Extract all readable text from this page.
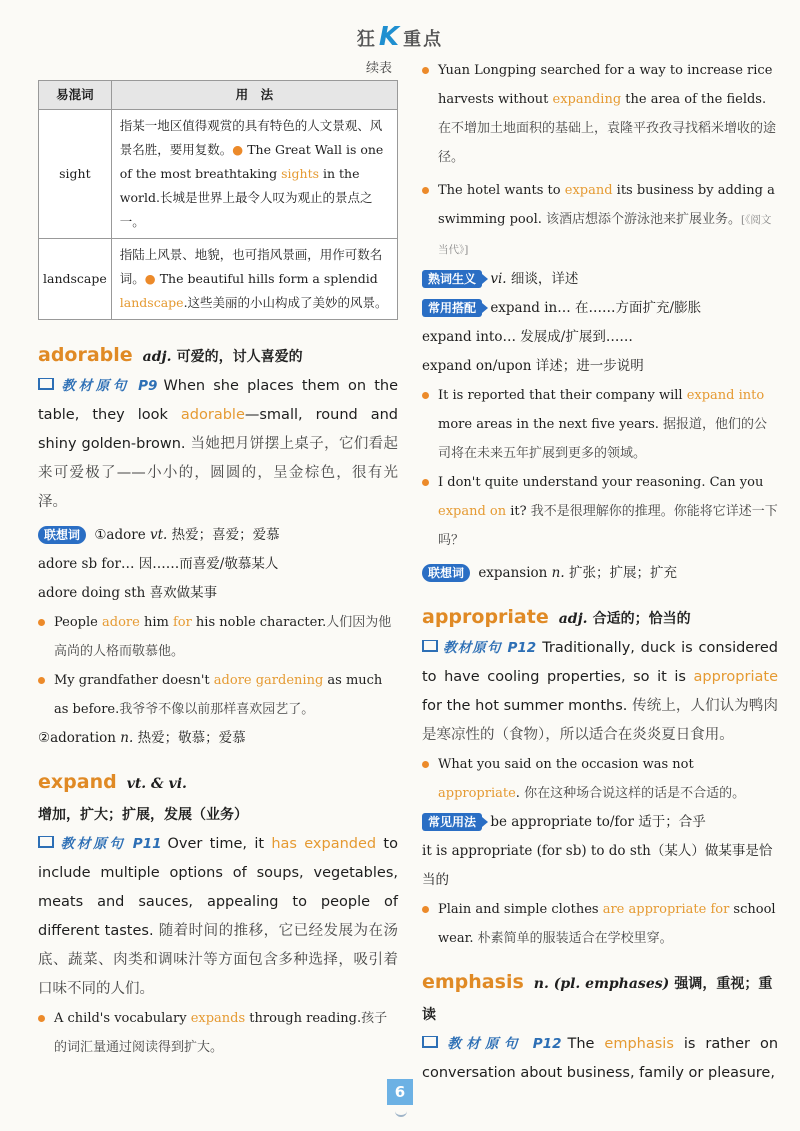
狂K 重点
续表
易混词	用　法
sight	指某一地区值得观赏的具有特色的人文景观、风景名胜，要用复数。● The Great Wall is one of the most breathtaking sights in the world.长城是世界上最令人叹为观止的景点之一。
landscape	指陆上风景、地貌，也可指风景画，用作可数名词。● The beautiful hills form a splendid landscape.这些美丽的小山构成了美妙的风景。
adorable adj. 可爱的，讨人喜爱的

教材原句 P9 When she places them on the table, they look adorable—small, round and shiny golden-brown. 当她把月饼摆上桌子，它们看起来可爱极了——小小的，圆圆的，呈金棕色，很有光泽。

联想词 ①adore vt. 热爱；喜爱；爱慕

adore sb for… 因……而喜爱/敬慕某人

adore doing sth 喜欢做某事

People adore him for his noble character.人们因为他高尚的人格而敬慕他。

My grandfather doesn't adore gardening as much as before.我爷爷不像以前那样喜欢园艺了。

②adoration n. 热爱；敬慕；爱慕

expand vt. & vi. 增加，扩大；扩展，发展（业务）

教材原句 P11 Over time, it has expanded to include multiple options of soups, vegetables, meats and sauces, appealing to people of different tastes. 随着时间的推移，它已经发展为在汤底、蔬菜、肉类和调味汁等方面包含多种选择，吸引着口味不同的人们。

A child's vocabulary expands through reading.孩子的词汇量通过阅读得到扩大。

Yuan Longping searched for a way to increase rice harvests without expanding the area of the fields. 在不增加土地面积的基础上，袁隆平孜孜寻找稻米增收的途径。

The hotel wants to expand its business by adding a swimming pool. 该酒店想添个游泳池来扩展业务。[《阅文当代》]

熟词生义 vi. 细谈，详述

常用搭配 expand in… 在……方面扩充/膨胀

expand into… 发展成/扩展到……

expand on/upon 详述；进一步说明

It is reported that their company will expand into more areas in the next five years. 据报道，他们的公司将在未来五年扩展到更多的领域。

I don't quite understand your reasoning. Can you expand on it? 我不是很理解你的推理。你能将它详述一下吗？

联想词 expansion n. 扩张；扩展；扩充

appropriate adj. 合适的；恰当的

教材原句 P12 Traditionally, duck is considered to have cooling properties, so it is appropriate for the hot summer months. 传统上，人们认为鸭肉是寒凉性的（食物），所以适合在炎炎夏日食用。

What you said on the occasion was not appropriate. 你在这种场合说这样的话是不合适的。

常见用法 be appropriate to/for 适于；合乎

it is appropriate (for sb) to do sth（某人）做某事是恰当的

Plain and simple clothes are appropriate for school wear. 朴素简单的服装适合在学校里穿。

emphasis n. (pl. emphases) 强调，重视；重读

教材原句 P12 The emphasis is rather on conversation about business, family or pleasure,

6
